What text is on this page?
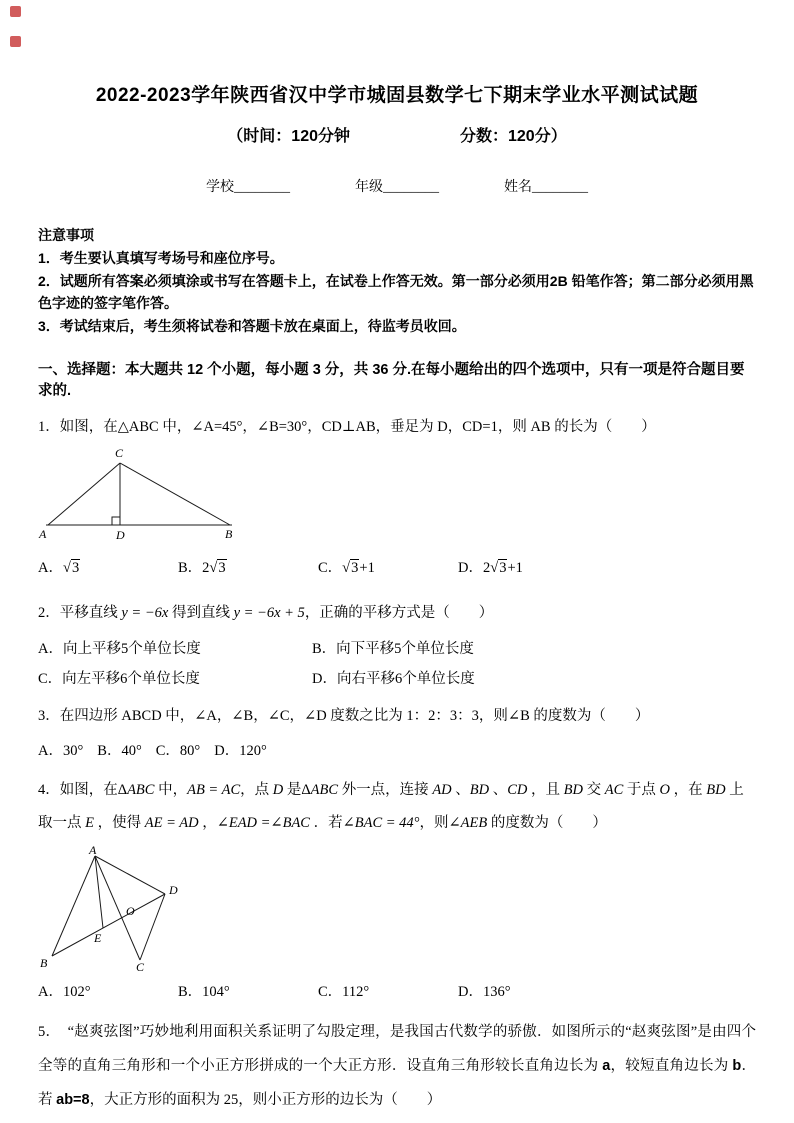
2022-2023学年陕西省汉中学市城固县数学七下期末学业水平测试试题
（时间：120分钟	分数：120分）
学校________	年级________	姓名________
注意事项
1．考生要认真填写考场号和座位序号。
2．试题所有答案必须填涂或书写在答题卡上，在试卷上作答无效。第一部分必须用2B 铅笔作答；第二部分必须用黑色字迹的签字笔作答。
3．考试结束后，考生须将试卷和答题卡放在桌面上，待监考员收回。
一、选择题：本大题共 12 个小题，每小题 3 分，共 36 分.在每小题给出的四个选项中，只有一项是符合题目要求的.
1．如图，在△ABC 中，∠A=45°，∠B=30°，CD⊥AB，垂足为 D，CD=1，则 AB 的长为（　　）
C
A	B
D
A．√3	B．2√3	C．√3+1	D．2√3+1
2．平移直线 y = −6x 得到直线 y = −6x + 5，正确的平移方式是（　　）
A．向上平移5个单位长度	B．向下平移5个单位长度
C．向左平移6个单位长度	D．向右平移6个单位长度
3．在四边形 ABCD 中，∠A，∠B，∠C，∠D 度数之比为 1：2：3：3，则∠B 的度数为（　　）
A．30° B．40° C．80° D．120°
4．如图，在ΔABC 中，AB = AC，点 D 是ΔABC 外一点，连接 AD 、BD 、CD ，且 BD 交 AC 于点 O ，在 BD 上取一点 E ，使得 AE = AD ，∠EAD =∠BAC ．若∠BAC = 44°，则∠AEB 的度数为（　　）
A
B	C
D
O
E
A．102°	B．104°	C．112°	D．136°
5．　“赵爽弦图”巧妙地利用面积关系证明了勾股定理，是我国古代数学的骄傲．如图所示的“赵爽弦图”是由四个全等的直角三角形和一个小正方形拼成的一个大正方形．设直角三角形较长直角边长为 a，较短直角边长为 b．若 ab=8，大正方形的面积为 25，则小正方形的边长为（　　）
